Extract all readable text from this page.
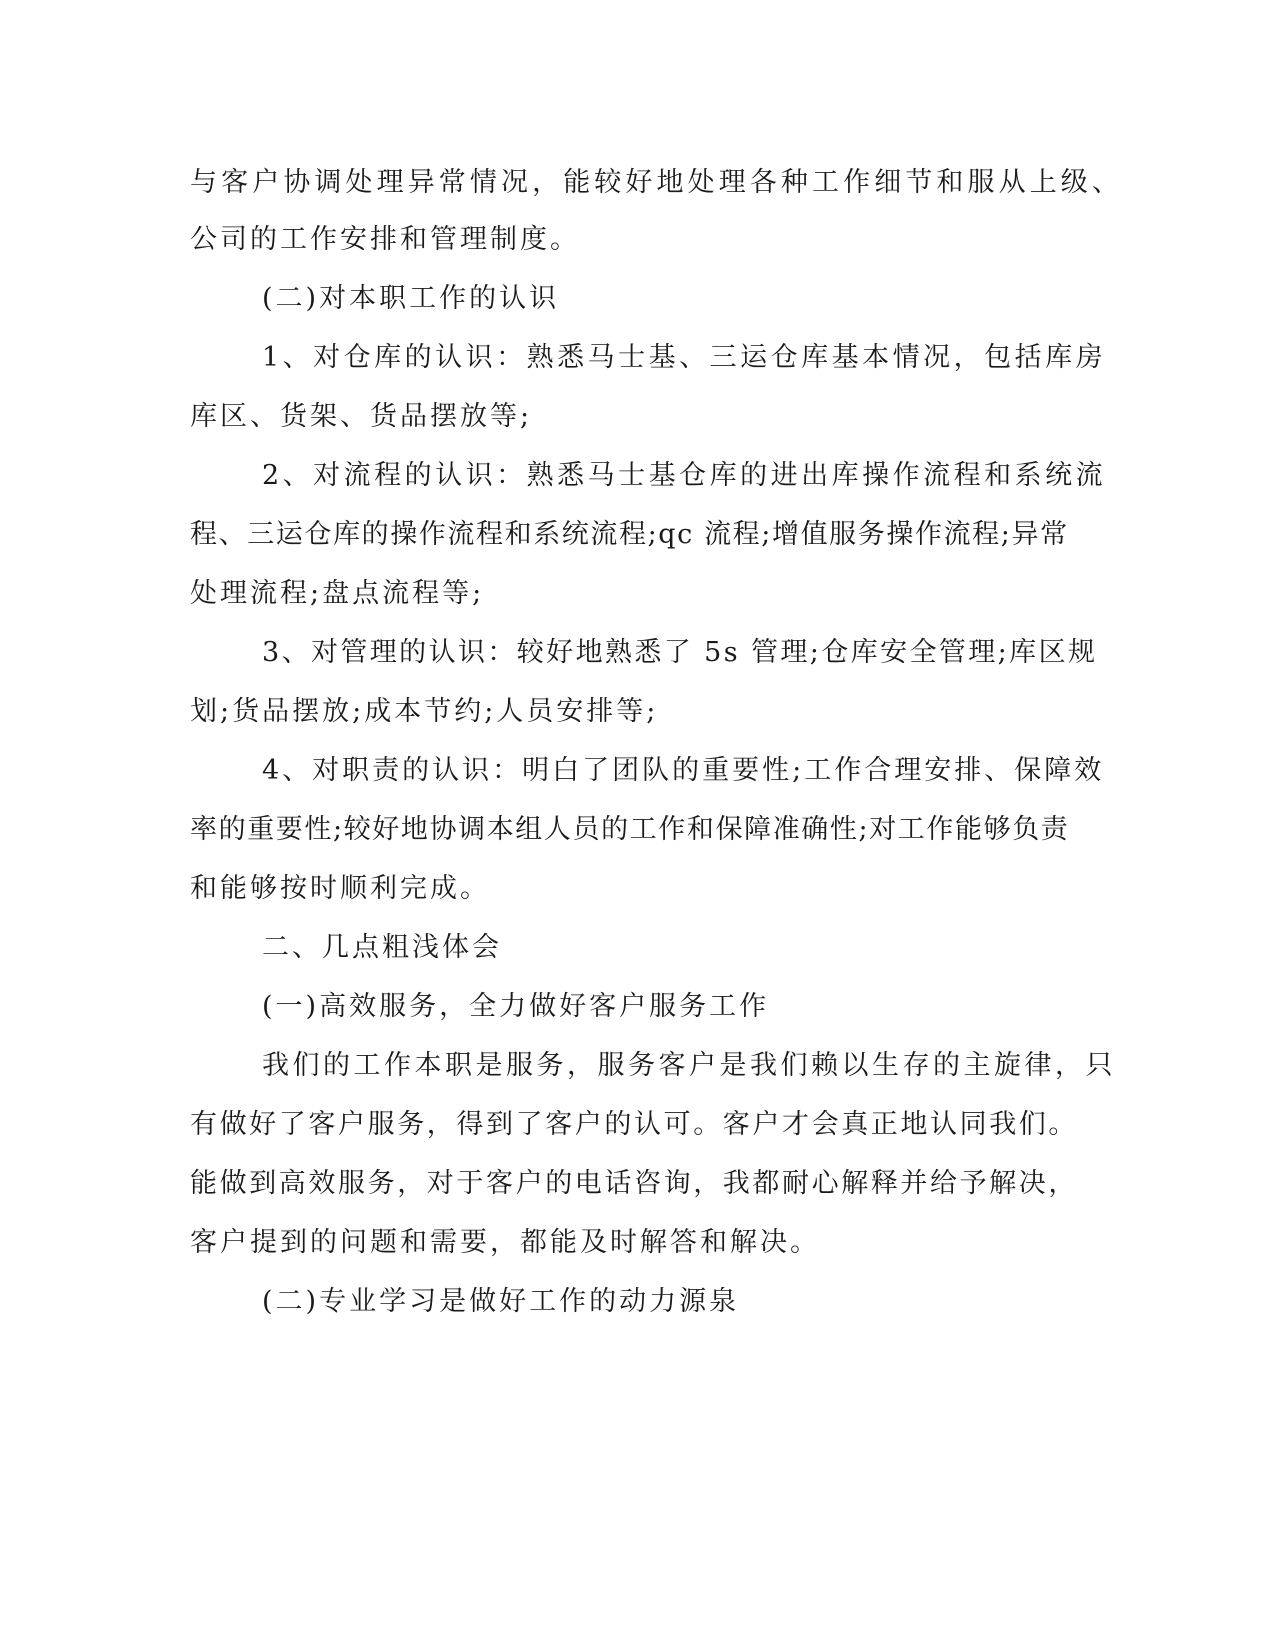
与客户协调处理异常情况，能较好地处理各种工作细节和服从上级、

公司的工作安排和管理制度。

(二)对本职工作的认识

1、对仓库的认识：熟悉马士基、三运仓库基本情况，包括库房

库区、货架、货品摆放等;

2、对流程的认识：熟悉马士基仓库的进出库操作流程和系统流

程、三运仓库的操作流程和系统流程;qc 流程;增值服务操作流程;异常

处理流程;盘点流程等;

3、对管理的认识：较好地熟悉了 5s 管理;仓库安全管理;库区规

划;货品摆放;成本节约;人员安排等;

4、对职责的认识：明白了团队的重要性;工作合理安排、保障效

率的重要性;较好地协调本组人员的工作和保障准确性;对工作能够负责

和能够按时顺利完成。

二、几点粗浅体会

(一)高效服务，全力做好客户服务工作

我们的工作本职是服务，服务客户是我们赖以生存的主旋律，只

有做好了客户服务，得到了客户的认可。客户才会真正地认同我们。

能做到高效服务，对于客户的电话咨询，我都耐心解释并给予解决，

客户提到的问题和需要，都能及时解答和解决。

(二)专业学习是做好工作的动力源泉
